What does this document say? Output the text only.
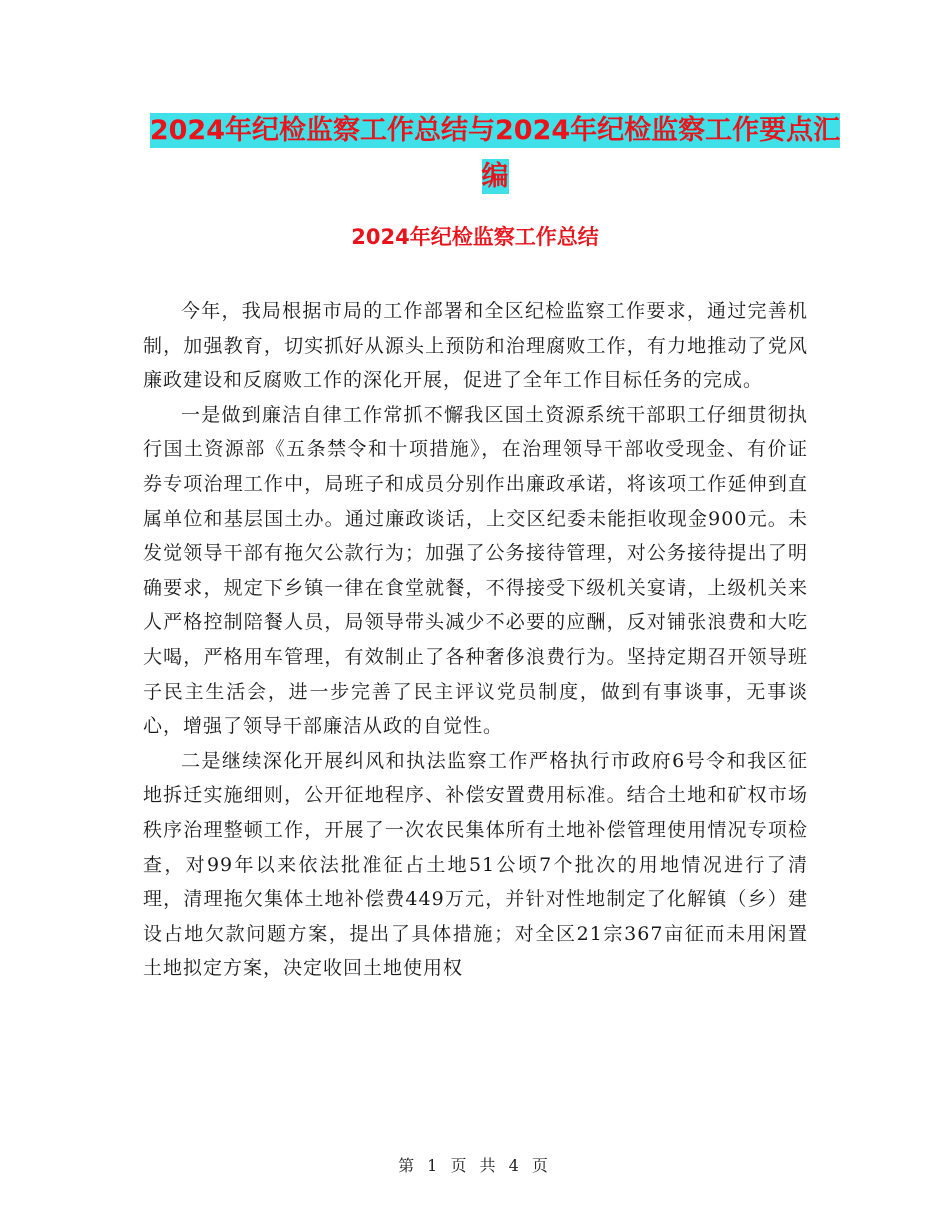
2024年纪检监察工作总结与2024年纪检监察工作要点汇编
2024年纪检监察工作总结

今年，我局根据市局的工作部署和全区纪检监察工作要求，通过完善机制，加强教育，切实抓好从源头上预防和治理腐败工作，有力地推动了党风廉政建设和反腐败工作的深化开展，促进了全年工作目标任务的完成。

一是做到廉洁自律工作常抓不懈我区国土资源系统干部职工仔细贯彻执行国土资源部《五条禁令和十项措施》，在治理领导干部收受现金、有价证券专项治理工作中，局班子和成员分别作出廉政承诺，将该项工作延伸到直属单位和基层国土办。通过廉政谈话，上交区纪委未能拒收现金900元。未发觉领导干部有拖欠公款行为；加强了公务接待管理，对公务接待提出了明确要求，规定下乡镇一律在食堂就餐，不得接受下级机关宴请，上级机关来人严格控制陪餐人员，局领导带头减少不必要的应酬，反对铺张浪费和大吃大喝，严格用车管理，有效制止了各种奢侈浪费行为。坚持定期召开领导班子民主生活会，进一步完善了民主评议党员制度，做到有事谈事，无事谈心，增强了领导干部廉洁从政的自觉性。

二是继续深化开展纠风和执法监察工作严格执行市政府6号令和我区征地拆迁实施细则，公开征地程序、补偿安置费用标准。结合土地和矿权市场秩序治理整顿工作，开展了一次农民集体所有土地补偿管理使用情况专项检查，对99年以来依法批准征占土地51公顷7个批次的用地情况进行了清理，清理拖欠集体土地补偿费449万元，并针对性地制定了化解镇（乡）建设占地欠款问题方案，提出了具体措施；对全区21宗367亩征而未用闲置土地拟定方案，决定收回土地使用权

第 1 页 共 4 页
